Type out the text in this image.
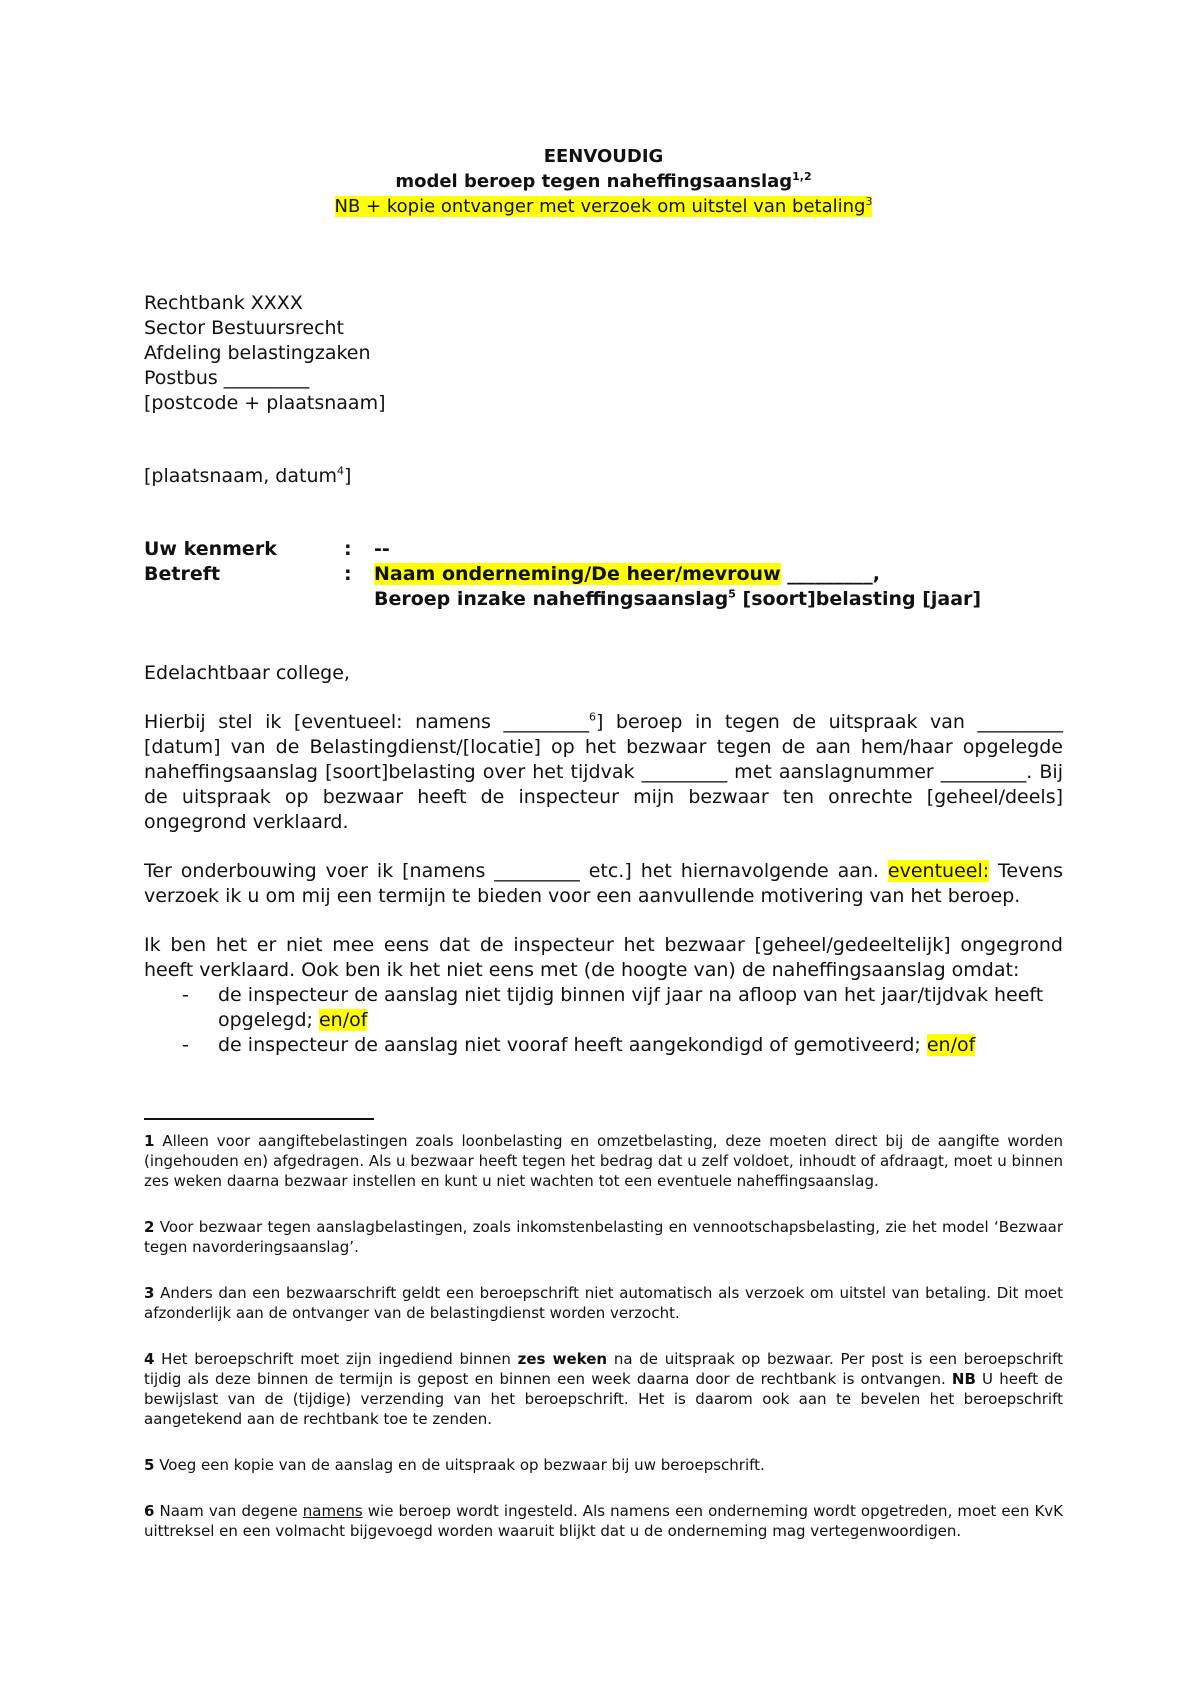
EENVOUDIG
model beroep tegen naheffingsaanslag$^{1,2}$
NB + kopie ontvanger met verzoek om uitstel van betaling$^3$
Rechtbank XXXX
Sector Bestuursrecht
Afdeling belastingzaken
Postbus _________
[postcode + plaatsnaam]
[plaatsnaam, datum$^4$]
Uw kenmerk	:	--
Betreft	:	Naam onderneming/De heer/mevrouw _________,
Beroep inzake naheffingsaanslag$^5$ [soort]belasting [jaar]

Edelachtbaar college,

Hierbij stel ik [eventueel: namens _________$^6$] beroep in tegen de uitspraak van _________ [datum] van de Belastingdienst/[locatie] op het bezwaar tegen de aan hem/haar opgelegde naheffingsaanslag [soort]belasting over het tijdvak _________ met aanslagnummer _________. Bij de uitspraak op bezwaar heeft de inspecteur mijn bezwaar ten onrechte [geheel/deels] ongegrond verklaard.

Ter onderbouwing voer ik [namens _________ etc.] het hiernavolgende aan. eventueel: Tevens verzoek ik u om mij een termijn te bieden voor een aanvullende motivering van het beroep.

Ik ben het er niet mee eens dat de inspecteur het bezwaar [geheel/gedeeltelijk] ongegrond heeft verklaard. Ook ben ik het niet eens met (de hoogte van) de naheffingsaanslag omdat:

- de inspecteur de aanslag niet tijdig binnen vijf jaar na afloop van het jaar/tijdvak heeft opgelegd; en/of
- de inspecteur de aanslag niet vooraf heeft aangekondigd of gemotiveerd; en/of

1 Alleen voor aangiftebelastingen zoals loonbelasting en omzetbelasting, deze moeten direct bij de aangifte worden (ingehouden en) afgedragen. Als u bezwaar heeft tegen het bedrag dat u zelf voldoet, inhoudt of afdraagt, moet u binnen zes weken daarna bezwaar instellen en kunt u niet wachten tot een eventuele naheffingsaanslag.

2 Voor bezwaar tegen aanslagbelastingen, zoals inkomstenbelasting en vennootschapsbelasting, zie het model ‘Bezwaar tegen navorderingsaanslag’.

3 Anders dan een bezwaarschrift geldt een beroepschrift niet automatisch als verzoek om uitstel van betaling. Dit moet afzonderlijk aan de ontvanger van de belastingdienst worden verzocht.

4 Het beroepschrift moet zijn ingediend binnen zes weken na de uitspraak op bezwaar. Per post is een beroepschrift tijdig als deze binnen de termijn is gepost en binnen een week daarna door de rechtbank is ontvangen. NB U heeft de bewijslast van de (tijdige) verzending van het beroepschrift. Het is daarom ook aan te bevelen het beroepschrift aangetekend aan de rechtbank toe te zenden.

5 Voeg een kopie van de aanslag en de uitspraak op bezwaar bij uw beroepschrift.

6 Naam van degene namens wie beroep wordt ingesteld. Als namens een onderneming wordt opgetreden, moet een KvK uittreksel en een volmacht bijgevoegd worden waaruit blijkt dat u de onderneming mag vertegenwoordigen.
